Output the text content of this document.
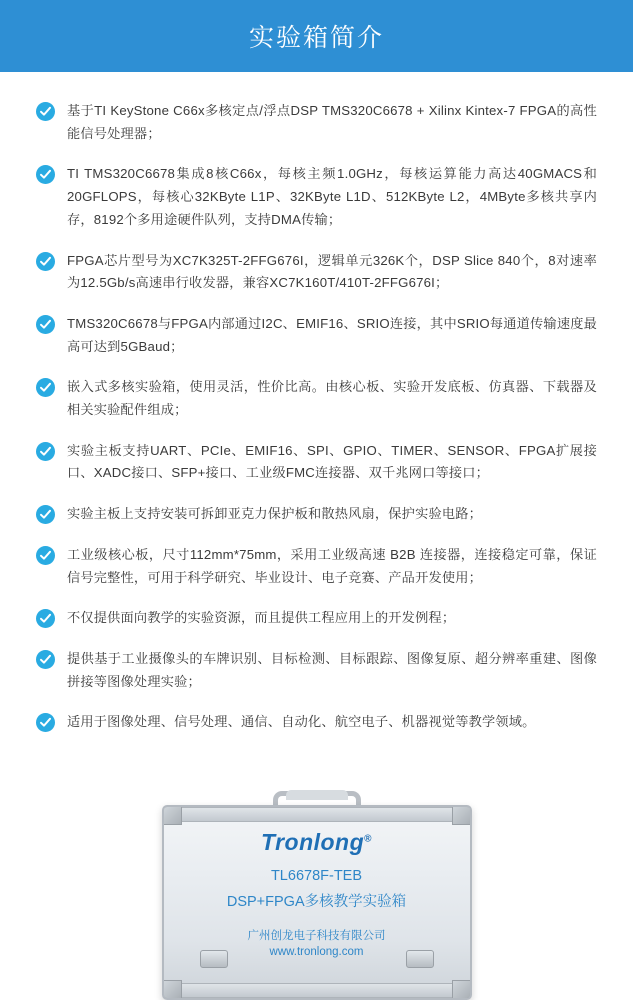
实验箱简介
基于TI KeyStone C66x多核定点/浮点DSP TMS320C6678 + Xilinx Kintex-7 FPGA的高性能信号处理器；
TI TMS320C6678集成8核C66x，每核主频1.0GHz，每核运算能力高达40GMACS和20GFLOPS，每核心32KByte L1P、32KByte L1D、512KByte L2，4MByte多核共享内存，8192个多用途硬件队列，支持DMA传输；
FPGA芯片型号为XC7K325T-2FFG676I，逻辑单元326K个，DSP Slice 840个，8对速率为12.5Gb/s高速串行收发器，兼容XC7K160T/410T-2FFG676I；
TMS320C6678与FPGA内部通过I2C、EMIF16、SRIO连接，其中SRIO每通道传输速度最高可达到5GBaud；
嵌入式多核实验箱，使用灵活，性价比高。由核心板、实验开发底板、仿真器、下载器及相关实验配件组成；
实验主板支持UART、PCIe、EMIF16、SPI、GPIO、TIMER、SENSOR、FPGA扩展接口、XADC接口、SFP+接口、工业级FMC连接器、双千兆网口等接口；
实验主板上支持安装可拆卸亚克力保护板和散热风扇，保护实验电路；
工业级核心板，尺寸112mm*75mm，采用工业级高速 B2B 连接器，连接稳定可靠，保证信号完整性，可用于科学研究、毕业设计、电子竞赛、产品开发使用；
不仅提供面向教学的实验资源，而且提供工程应用上的开发例程；
提供基于工业摄像头的车牌识别、目标检测、目标跟踪、图像复原、超分辨率重建、图像拼接等图像处理实验；
适用于图像处理、信号处理、通信、自动化、航空电子、机器视觉等教学领域。

Tronlong®

TL6678F-TEB

DSP+FPGA多核教学实验箱

广州创龙电子科技有限公司

www.tronlong.com
